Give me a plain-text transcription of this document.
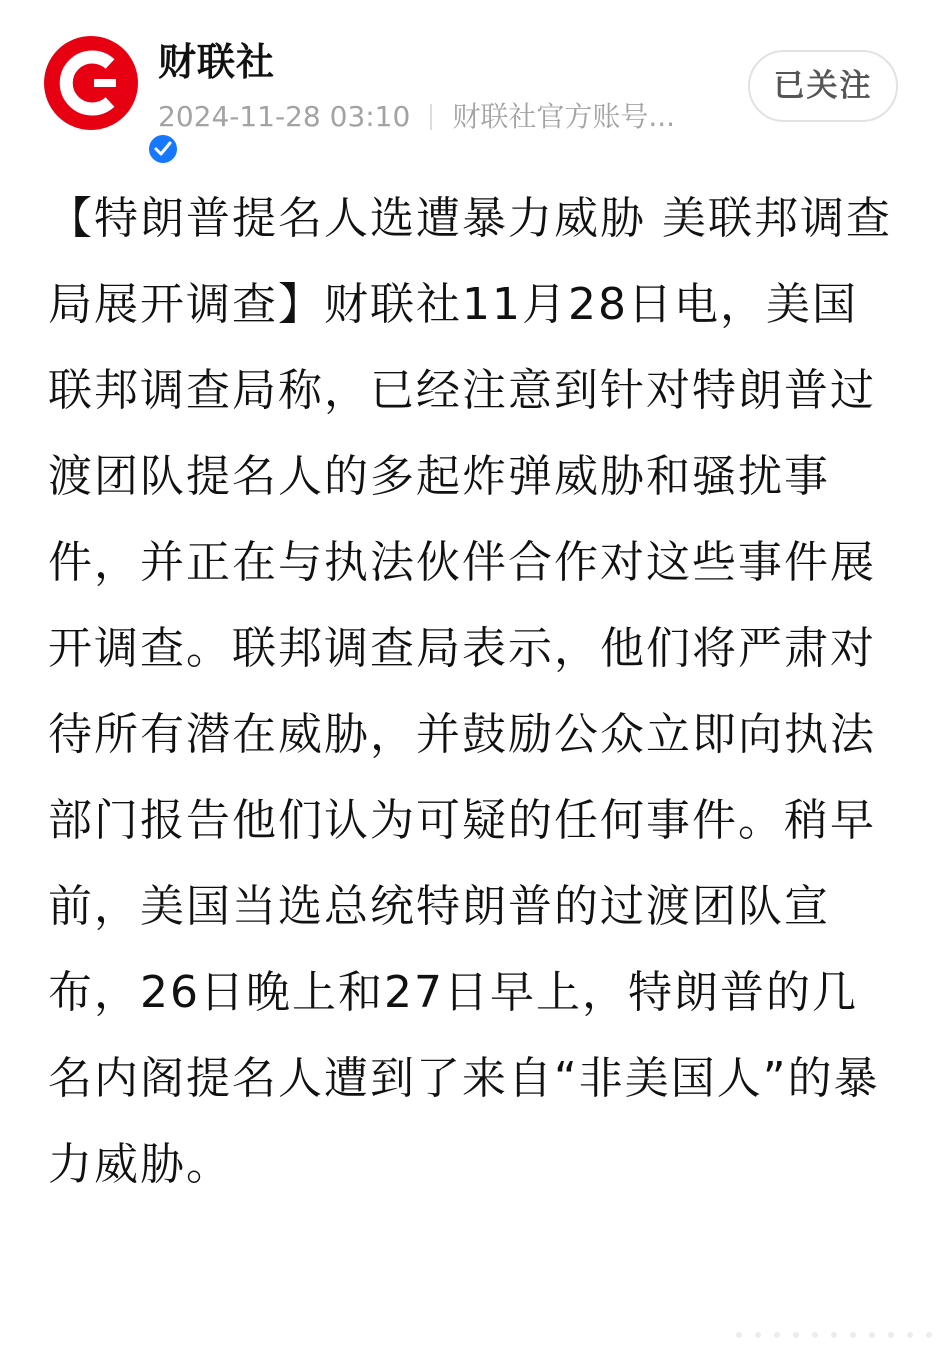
财联社
2024-11-28 03:10 财联社官方账号...
已关注
【特朗普提名人选遭暴力威胁 美联邦调查局展开调查】财联社11月28日电，美国联邦调查局称，已经注意到针对特朗普过渡团队提名人的多起炸弹威胁和骚扰事件，并正在与执法伙伴合作对这些事件展开调查。联邦调查局表示，他们将严肃对待所有潜在威胁，并鼓励公众立即向执法部门报告他们认为可疑的任何事件。稍早前，美国当选总统特朗普的过渡团队宣布，26日晚上和27日早上，特朗普的几名内阁提名人遭到了来自“非美国人”的暴力威胁。
